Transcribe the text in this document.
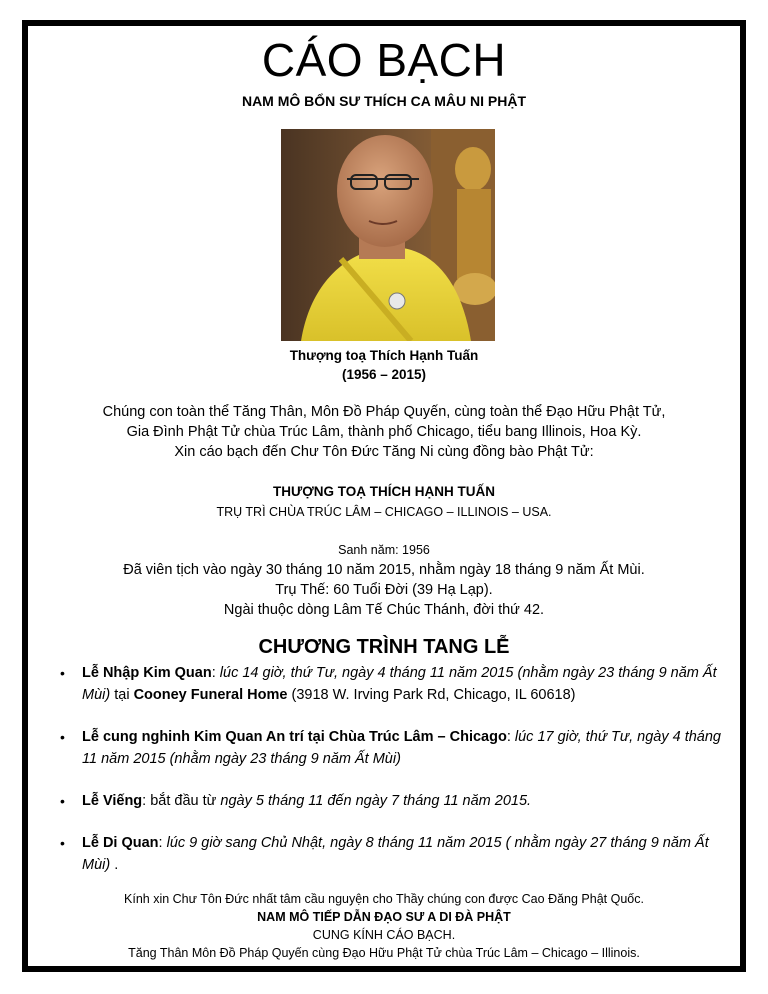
CÁO BẠCH
NAM MÔ BỔN SƯ THÍCH CA MÂU NI PHẬT
Thượng toạ Thích Hạnh Tuấn
(1956 – 2015)
Chúng con toàn thể Tăng Thân, Môn Đồ Pháp Quyến, cùng toàn thể Đạo Hữu Phật Tử,
Gia Đình Phật Tử chùa Trúc Lâm, thành phố Chicago, tiểu bang Illinois, Hoa Kỳ.
Xin cáo bạch đến Chư Tôn Đức Tăng Ni cùng đồng bào Phật Tử:
THƯỢNG TOẠ THÍCH HẠNH TUẤN
TRỤ TRÌ CHÙA TRÚC LÂM – CHICAGO – ILLINOIS – USA.
Sanh năm: 1956
Đã viên tịch vào ngày 30 tháng 10 năm 2015, nhằm ngày 18 tháng 9 năm Ất Mùi.
Trụ Thế: 60 Tuổi Đời (39 Hạ Lạp).
Ngài thuộc dòng Lâm Tế Chúc Thánh, đời thứ 42.
CHƯƠNG TRÌNH TANG LỄ
• Lễ Nhập Kim Quan: lúc 14 giờ, thứ Tư, ngày 4 tháng 11 năm 2015 (nhằm ngày 23 tháng 9 năm Ất Mùi) tại Cooney Funeral Home (3918 W. Irving Park Rd, Chicago, IL 60618)
• Lễ cung nghinh Kim Quan An trí tại Chùa Trúc Lâm – Chicago: lúc 17 giờ, thứ Tư, ngày 4 tháng 11 năm 2015 (nhằm ngày 23 tháng 9 năm Ất Mùi)
• Lễ Viếng: bắt đầu từ ngày 5 tháng 11 đến ngày 7 tháng 11 năm 2015.
• Lễ Di Quan: lúc 9 giờ sang Chủ Nhật, ngày 8 tháng 11 năm 2015 ( nhằm ngày 27 tháng 9 năm Ất Mùi) .
Kính xin Chư Tôn Đức nhất tâm cầu nguyện cho Thầy chúng con được Cao Đăng Phật Quốc.
NAM MÔ TIẾP DẪN ĐẠO SƯ A DI ĐÀ PHẬT
CUNG KÍNH CÁO BẠCH.
Tăng Thân Môn Đồ Pháp Quyến cùng Đạo Hữu Phật Tử chùa Trúc Lâm – Chicago – Illinois.
